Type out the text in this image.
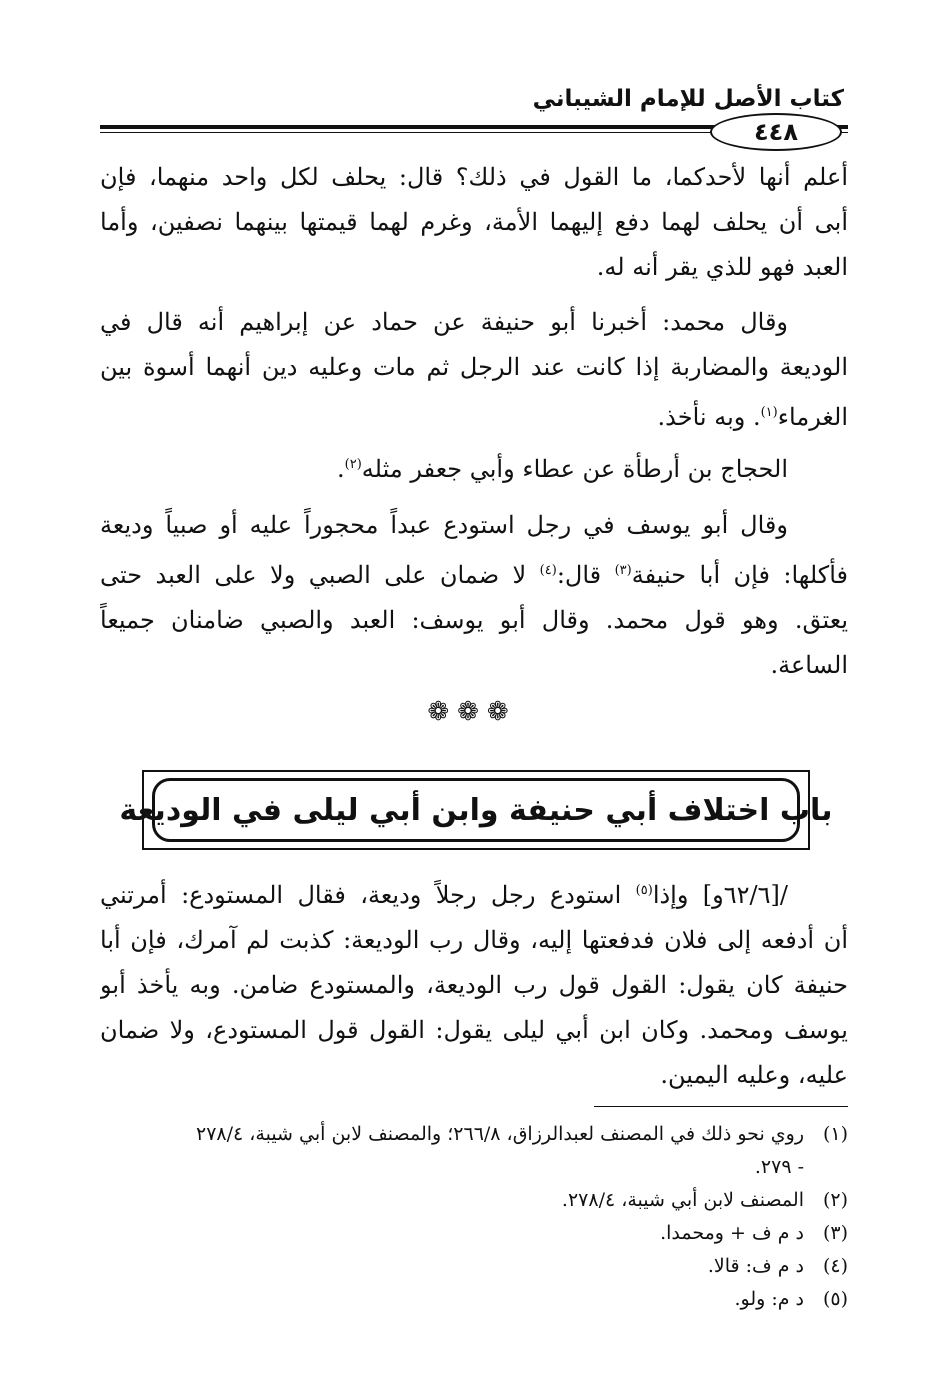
كتاب الأصل للإمام الشيباني
٤٤٨

أعلم أنها لأحدكما، ما القول في ذلك؟ قال: يحلف لكل واحد منهما، فإن
أبى أن يحلف لهما دفع إليهما الأمة، وغرم لهما قيمتها بينهما نصفين، وأما
العبد فهو للذي يقر أنه له.

وقال محمد: أخبرنا أبو حنيفة عن حماد عن إبراهيم أنه قال في
الوديعة والمضاربة إذا كانت عند الرجل ثم مات وعليه دين أنهما أسوة بين
الغرماء$^{(١)}$. وبه نأخذ.

الحجاج بن أرطأة عن عطاء وأبي جعفر مثله$^{(٢)}$.

وقال أبو يوسف في رجل استودع عبداً محجوراً عليه أو صبياً وديعة
فأكلها: فإن أبا حنيفة$^{(٣)}$ قال:$^{(٤)}$ لا ضمان على الصبي ولا على العبد حتى
يعتق. وهو قول محمد. وقال أبو يوسف: العبد والصبي ضامنان جميعاً
الساعة.

❁❁❁
باب اختلاف أبي حنيفة وابن أبي ليلى في الوديعة

/[٦٢/٦و] وإذا$^{(٥)}$ استودع رجل رجلاً وديعة، فقال المستودع: أمرتني
أن أدفعه إلى فلان فدفعتها إليه، وقال رب الوديعة: كذبت لم آمرك، فإن أبا
حنيفة كان يقول: القول قول رب الوديعة، والمستودع ضامن. وبه يأخذ أبو
يوسف ومحمد. وكان ابن أبي ليلى يقول: القول قول المستودع، ولا ضمان
عليه، وعليه اليمين.

(١)روي نحو ذلك في المصنف لعبدالرزاق، ٢٦٦/٨؛ والمصنف لابن أبي شيبة، ٢٧٨/٤
- ٢٧٩.
(٢)المصنف لابن أبي شيبة، ٢٧٨/٤.
(٣)د م ف + ومحمدا.
(٤)د م ف: قالا.
(٥)د م: ولو.
